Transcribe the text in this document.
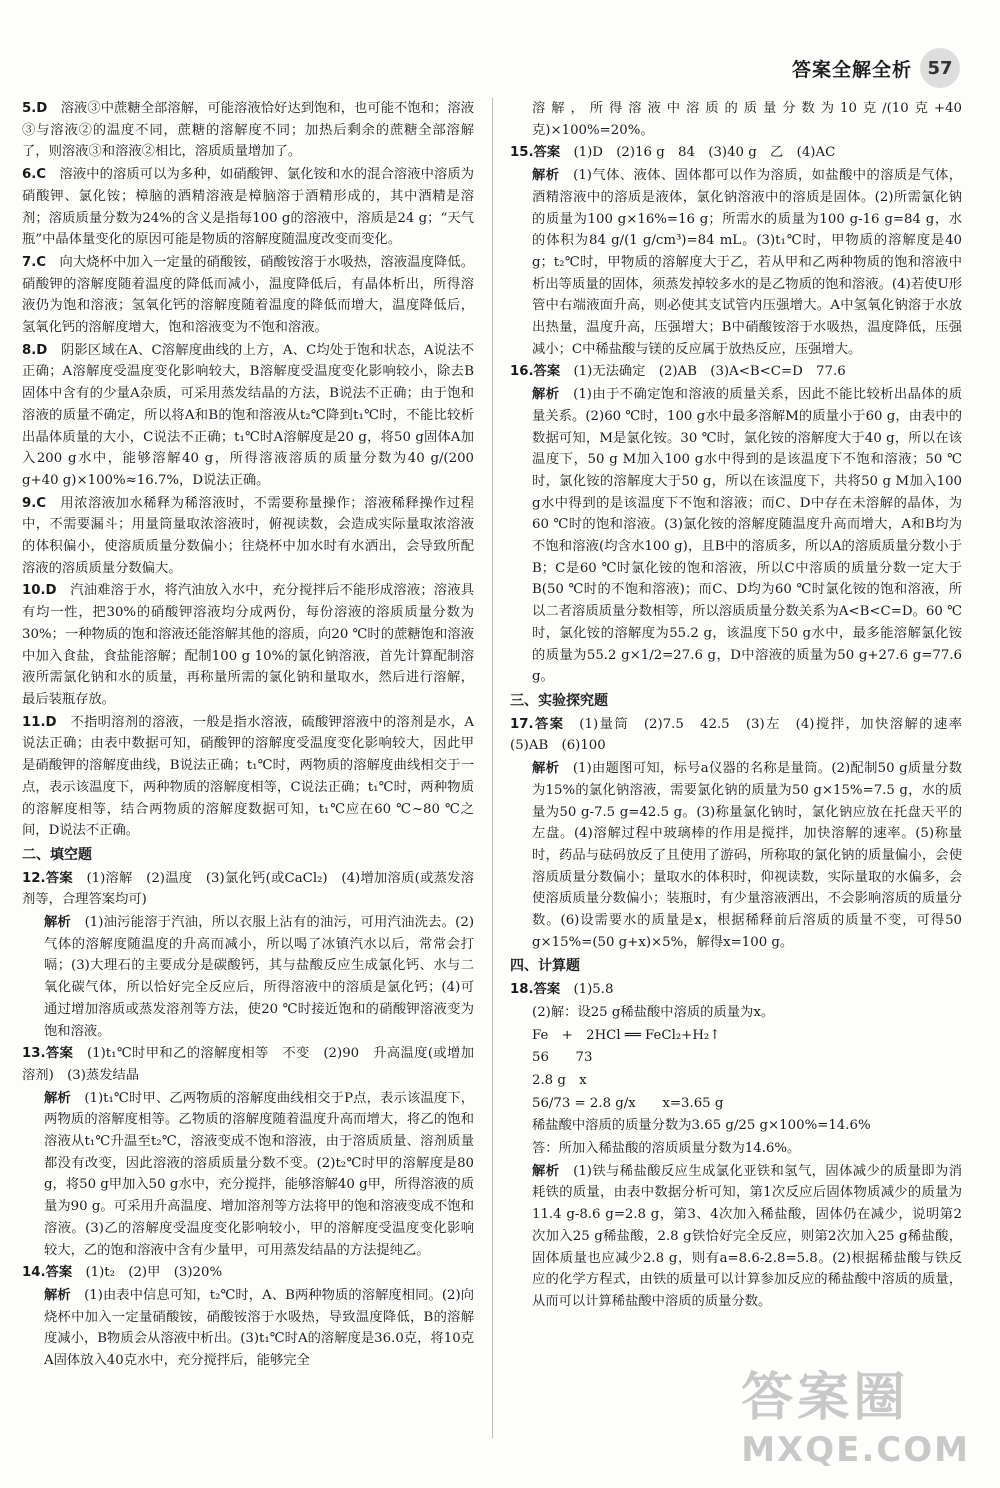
答案全解全析 57

5.D　 溶液③中蔗糖全部溶解，可能溶液恰好达到饱和，也可能不饱和；溶液③与溶液②的温度不同，蔗糖的溶解度不同；加热后剩余的蔗糖全部溶解了，则溶液③和溶液②相比，溶质质量增加了。

6.C　 溶液中的溶质可以为多种，如硝酸钾、氯化铵和水的混合溶液中溶质为硝酸钾、氯化铵；樟脑的酒精溶液是樟脑溶于酒精形成的，其中酒精是溶剂；溶质质量分数为24%的含义是指每100 g的溶液中，溶质是24 g；“天气瓶”中晶体量变化的原因可能是物质的溶解度随温度改变而变化。

7.C　 向大烧杯中加入一定量的硝酸铵，硝酸铵溶于水吸热，溶液温度降低。硝酸钾的溶解度随着温度的降低而减小，温度降低后，有晶体析出，所得溶液仍为饱和溶液；氢氧化钙的溶解度随着温度的降低而增大，温度降低后，氢氧化钙的溶解度增大，饱和溶液变为不饱和溶液。

8.D　 阴影区域在A、C溶解度曲线的上方，A、C均处于饱和状态，A说法不正确；A溶解度受温度变化影响较大，B溶解度受温度变化影响较小，除去B固体中含有的少量A杂质，可采用蒸发结晶的方法，B说法不正确；由于饱和溶液的质量不确定，所以将A和B的饱和溶液从t₂℃降到t₁℃时，不能比较析出晶体质量的大小，C说法不正确；t₁℃时A溶解度是20 g，将50 g固体A加入200 g水中，能够溶解40 g，所得溶液溶质的质量分数为40 g/(200 g+40 g)×100%≈16.7%，D说法正确。

9.C　 用浓溶液加水稀释为稀溶液时，不需要称量操作；溶液稀释操作过程中，不需要漏斗；用量筒量取浓溶液时，俯视读数，会造成实际量取浓溶液的体积偏小，使溶质质量分数偏小；往烧杯中加水时有水洒出，会导致所配溶液的溶质质量分数偏大。

10.D　 汽油难溶于水，将汽油放入水中，充分搅拌后不能形成溶液；溶液具有均一性，把30%的硝酸钾溶液均分成两份，每份溶液的溶质质量分数为30%；一种物质的饱和溶液还能溶解其他的溶质，向20 ℃时的蔗糖饱和溶液中加入食盐，食盐能溶解；配制100 g 10%的氯化钠溶液，首先计算配制溶液所需氯化钠和水的质量，再称量所需的氯化钠和量取水，然后进行溶解，最后装瓶存放。

11.D　 不指明溶剂的溶液，一般是指水溶液，硫酸钾溶液中的溶剂是水，A说法正确；由表中数据可知，硝酸钾的溶解度受温度变化影响较大，因此甲是硝酸钾的溶解度曲线，B说法正确；t₁℃时，两物质的溶解度曲线相交于一点，表示该温度下，两种物质的溶解度相等，C说法正确；t₁℃时，两种物质的溶解度相等，结合两物质的溶解度数据可知，t₁℃应在60 ℃~80 ℃之间，D说法不正确。

二、填空题

12.答案　 (1)溶解　(2)温度　(3)氯化钙(或CaCl₂)　(4)增加溶质(或蒸发溶剂等，合理答案均可)

解析　 (1)油污能溶于汽油，所以衣服上沾有的油污，可用汽油洗去。(2)气体的溶解度随温度的升高而减小，所以喝了冰镇汽水以后，常常会打嗝；(3)大理石的主要成分是碳酸钙，其与盐酸反应生成氯化钙、水与二氧化碳气体，所以恰好完全反应后，所得溶液中的溶质是氯化钙；(4)可通过增加溶质或蒸发溶剂等方法，使20 ℃时接近饱和的硝酸钾溶液变为饱和溶液。

13.答案　 (1)t₁℃时甲和乙的溶解度相等　不变　(2)90　升高温度(或增加溶剂)　(3)蒸发结晶

解析　 (1)t₁℃时甲、乙两物质的溶解度曲线相交于P点，表示该温度下，两物质的溶解度相等。乙物质的溶解度随着温度升高而增大，将乙的饱和溶液从t₁℃升温至t₂℃，溶液变成不饱和溶液，由于溶质质量、溶剂质量都没有改变，因此溶液的溶质质量分数不变。(2)t₂℃时甲的溶解度是80 g，将50 g甲加入50 g水中，充分搅拌，能够溶解40 g甲，所得溶液的质量为90 g。可采用升高温度、增加溶剂等方法将甲的饱和溶液变成不饱和溶液。(3)乙的溶解度受温度变化影响较小，甲的溶解度受温度变化影响较大，乙的饱和溶液中含有少量甲，可用蒸发结晶的方法提纯乙。

14.答案　 (1)t₂　(2)甲　(3)20%

解析　 (1)由表中信息可知，t₂℃时，A、B两种物质的溶解度相同。(2)向烧杯中加入一定量硝酸铵，硝酸铵溶于水吸热，导致温度降低，B的溶解度减小，B物质会从溶液中析出。(3)t₁℃时A的溶解度是36.0克，将10克A固体放入40克水中，充分搅拌后，能够完全

溶解，所得溶液中溶质的质量分数为10克/(10克+40克)×100%=20%。

15.答案　 (1)D　(2)16 g　84　(3)40 g　乙　(4)AC

解析　 (1)气体、液体、固体都可以作为溶质，如盐酸中的溶质是气体，酒精溶液中的溶质是液体，氯化钠溶液中的溶质是固体。(2)所需氯化钠的质量为100 g×16%=16 g；所需水的质量为100 g-16 g=84 g，水的体积为84 g/(1 g/cm³)=84 mL。(3)t₁℃时，甲物质的溶解度是40 g；t₂℃时，甲物质的溶解度大于乙，若从甲和乙两种物质的饱和溶液中析出等质量的固体，须蒸发掉较多水的是乙物质的饱和溶液。(4)若使U形管中右端液面升高，则必使其支试管内压强增大。A中氢氧化钠溶于水放出热量，温度升高，压强增大；B中硝酸铵溶于水吸热，温度降低，压强减小；C中稀盐酸与镁的反应属于放热反应，压强增大。

16.答案　 (1)无法确定　(2)AB　(3)A<B<C=D　77.6

解析　 (1)由于不确定饱和溶液的质量关系，因此不能比较析出晶体的质量关系。(2)60 ℃时，100 g水中最多溶解M的质量小于60 g，由表中的数据可知，M是氯化铵。30 ℃时，氯化铵的溶解度大于40 g，所以在该温度下，50 g M加入100 g水中得到的是该温度下不饱和溶液；50 ℃时，氯化铵的溶解度大于50 g，所以在该温度下，共将50 g M加入100 g水中得到的是该温度下不饱和溶液；而C、D中存在未溶解的晶体，为60 ℃时的饱和溶液。(3)氯化铵的溶解度随温度升高而增大，A和B均为不饱和溶液(均含水100 g)，且B中的溶质多，所以A的溶质质量分数小于B；C是60 ℃时氯化铵的饱和溶液，所以C中溶质的质量分数一定大于B(50 ℃时的不饱和溶液)；而C、D均为60 ℃时氯化铵的饱和溶液，所以二者溶质质量分数相等，所以溶质质量分数关系为A<B<C=D。60 ℃时，氯化铵的溶解度为55.2 g，该温度下50 g水中，最多能溶解氯化铵的质量为55.2 g×1/2=27.6 g，D中溶液的质量为50 g+27.6 g=77.6 g。

三、实验探究题

17.答案　 (1)量筒　(2)7.5　42.5　(3)左　(4)搅拌，加快溶解的速率　(5)AB　(6)100

解析　 (1)由题图可知，标号a仪器的名称是量筒。(2)配制50 g质量分数为15%的氯化钠溶液，需要氯化钠的质量为50 g×15%=7.5 g，水的质量为50 g-7.5 g=42.5 g。(3)称量氯化钠时，氯化钠应放在托盘天平的左盘。(4)溶解过程中玻璃棒的作用是搅拌，加快溶解的速率。(5)称量时，药品与砝码放反了且使用了游码，所称取的氯化钠的质量偏小，会使溶质质量分数偏小；量取水的体积时，仰视读数，实际量取的水偏多，会使溶质质量分数偏小；装瓶时，有少量溶液洒出，不会影响溶质的质量分数。(6)设需要水的质量是x，根据稀释前后溶质的质量不变，可得50 g×15%=(50 g+x)×5%，解得x=100 g。

四、计算题

18.答案　 (1)5.8

(2)解：设25 g稀盐酸中溶质的质量为x。

Fe　+　2HCl ══ FeCl₂+H₂↑

56　　73

2.8 g　x

56/73 = 2.8 g/x　　x=3.65 g

稀盐酸中溶质的质量分数为3.65 g/25 g×100%=14.6%

答：所加入稀盐酸的溶质质量分数为14.6%。

解析　 (1)铁与稀盐酸反应生成氯化亚铁和氢气，固体减少的质量即为消耗铁的质量，由表中数据分析可知，第1次反应后固体物质减少的质量为11.4 g-8.6 g=2.8 g，第3、4次加入稀盐酸，固体仍在减少，说明第2次加入25 g稀盐酸，2.8 g铁恰好完全反应，则第2次加入25 g稀盐酸，固体质量也应减少2.8 g，则有a=8.6-2.8=5.8。(2)根据稀盐酸与铁反应的化学方程式，由铁的质量可以计算参加反应的稀盐酸中溶质的质量，从而可以计算稀盐酸中溶质的质量分数。

答案圈
MXQE.COM
